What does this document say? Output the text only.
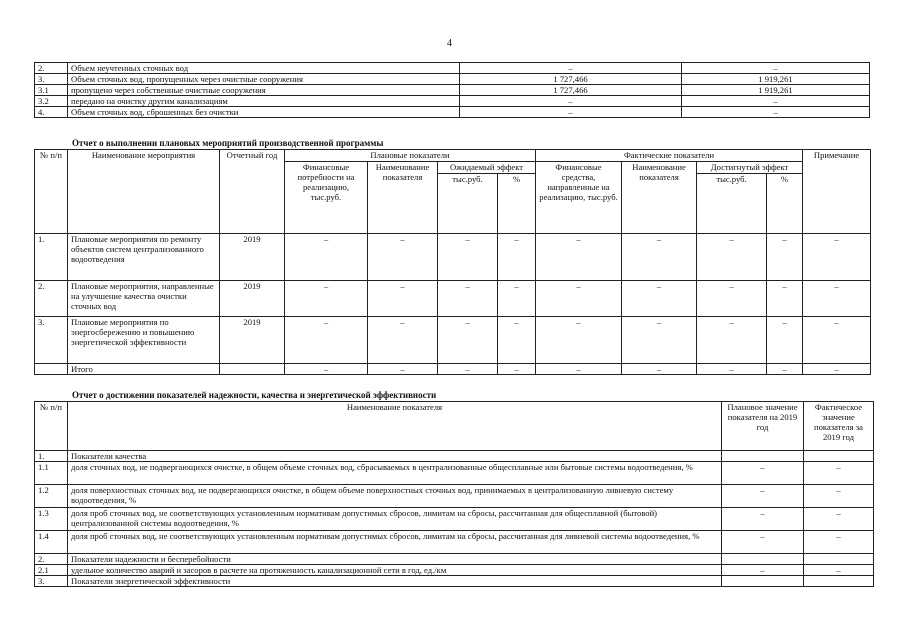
4
2.	Объем неучтенных сточных вод	–	–
3.	Объем сточных вод, пропущенных через очистные сооружения	1 727,466	1 919,261
3.1	пропущено через собственные очистные сооружения	1 727,466	1 919,261
3.2	передано на очистку другим канализациям	–	–
4.	Объем сточных вод, сброшенных без очистки	–	–
Отчет о выполнении плановых мероприятий производственной программы
№ п/п	Наименование мероприятия	Отчетный год	Плановые показатели				Фактические показатели				Примечание
			Финансовые потребности на реализацию, тыс.руб.	Наименование показателя	Ожидаемый эффект		Финансовые средства, направленные на реализацию, тыс.руб.	Наименование показателя	Достигнутый эффект		
					тыс.руб.	%			тыс.руб.	%	
1.	Плановые мероприятия по ремонту объектов систем централизованного водоотведения	2019	–	–	–	–	–	–	–	–	–
2.	Плановые мероприятия, направленные на улучшение качества очистки сточных вод	2019	–	–	–	–	–	–	–	–	–
3.	Плановые мероприятия по энергосбережению и повышению энергетической эффективности	2019	–	–	–	–	–	–	–	–	–
	Итого		–	–	–	–	–	–	–	–	–
Отчет о достижении показателей надежности, качества и энергетической эффективности
№ п/п	Наименование показателя	Плановое значение показателя на 2019 год	Фактическое значение показателя за 2019 год
1.	Показатели качества		
1.1	доля сточных вод, не подвергающихся очистке, в общем объеме сточных вод, сбрасываемых в централизованные общесплавные или бытовые системы водоотведения, %	–	–
1.2	доля поверхностных сточных вод, не подвергающихся очистке, в общем объеме поверхностных сточных вод, принимаемых в централизованную ливневую систему водоотведения, %	–	–
1.3	доля проб сточных вод, не соответствующих установленным нормативам допустимых сбросов, лимитам на сбросы, рассчитанная для общесплавной (бытовой) централизованной системы водоотведения, %	–	–
1.4	доля проб сточных вод, не соответствующих установленным нормативам допустимых сбросов, лимитам на сбросы, рассчитанная для ливневой системы водоотведения, %	–	–
2.	Показатели надежности и бесперебойности		
2.1	удельное количество аварий и засоров в расчете на протяженность канализационной сети в год, ед./км	–	–
3.	Показатели энергетической эффективности		
